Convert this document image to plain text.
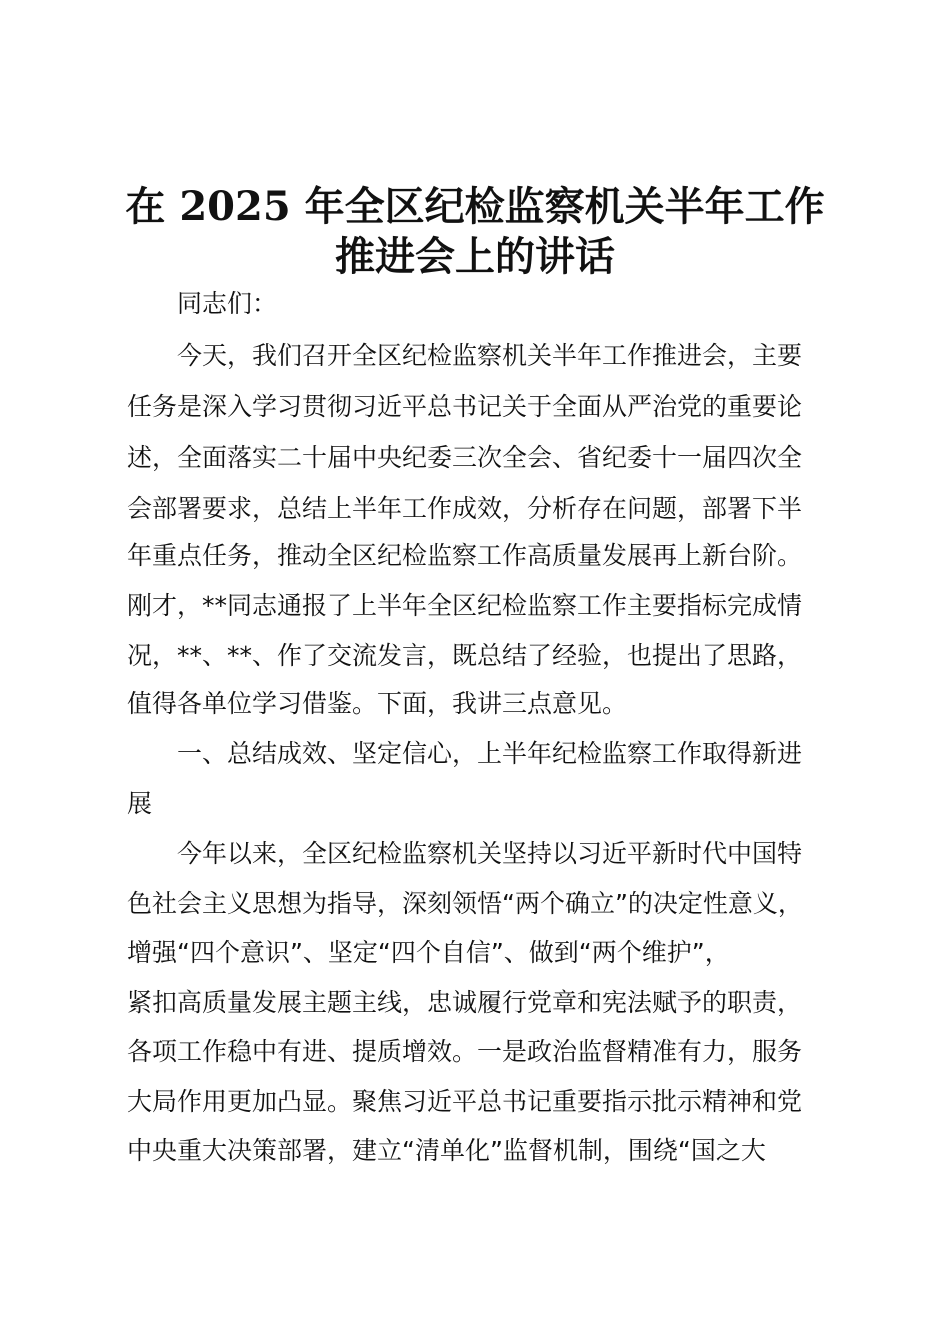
在 2025 年全区纪检监察机关半年工作
推进会上的讲话
同志们：
今天，我们召开全区纪检监察机关半年工作推进会，主要
任务是深入学习贯彻习近平总书记关于全面从严治党的重要论
述，全面落实二十届中央纪委三次全会、省纪委十一届四次全
会部署要求，总结上半年工作成效，分析存在问题，部署下半
年重点任务，推动全区纪检监察工作高质量发展再上新台阶。
刚才，**同志通报了上半年全区纪检监察工作主要指标完成情
况，**、**、作了交流发言，既总结了经验，也提出了思路，
值得各单位学习借鉴。下面，我讲三点意见。
一、总结成效、坚定信心，上半年纪检监察工作取得新进
展
今年以来，全区纪检监察机关坚持以习近平新时代中国特
色社会主义思想为指导，深刻领悟“两个确立”的决定性意义，
增强“四个意识”、坚定“四个自信”、做到“两个维护”，
紧扣高质量发展主题主线，忠诚履行党章和宪法赋予的职责，
各项工作稳中有进、提质增效。一是政治监督精准有力，服务
大局作用更加凸显。聚焦习近平总书记重要指示批示精神和党
中央重大决策部署，建立“清单化”监督机制，围绕“国之大
